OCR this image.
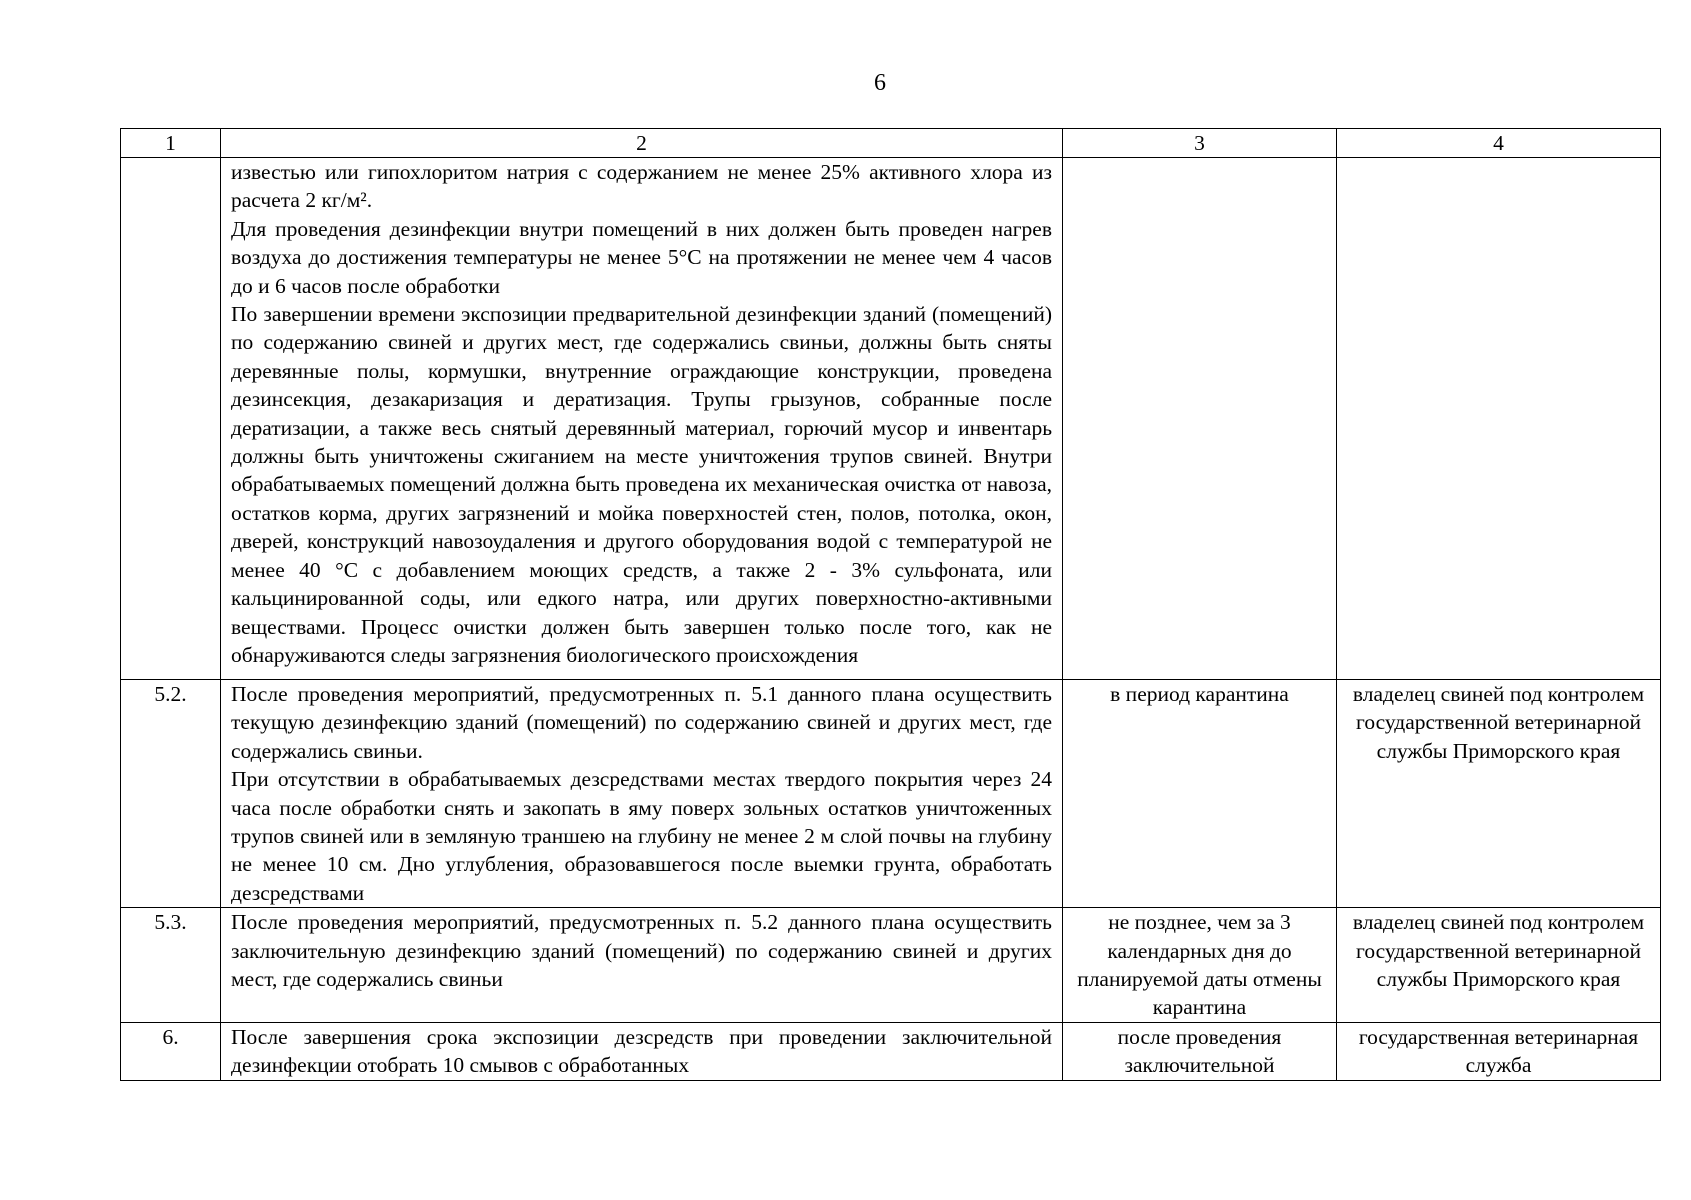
6
1	2	3	4

	известью или гипохлоритом натрия с содержанием не менее 25% активного хлора из расчета 2 кг/м².

Для проведения дезинфекции внутри помещений в них должен быть проведен нагрев воздуха до достижения температуры не менее 5°С на протяжении не менее чем 4 часов до и 6 часов после обработки

По завершении времени экспозиции предварительной дезинфекции зданий (помещений) по содержанию свиней и других мест, где содержались свиньи, должны быть сняты деревянные полы, кормушки, внутренние ограждающие конструкции, проведена дезинсекция, дезакаризация и дератизация. Трупы грызунов, собранные после дератизации, а также весь снятый деревянный материал, горючий мусор и инвентарь должны быть уничтожены сжиганием на месте уничтожения трупов свиней. Внутри обрабатываемых помещений должна быть проведена их механическая очистка от навоза, остатков корма, других загрязнений и мойка поверхностей стен, полов, потолка, окон, дверей, конструкций навозоудаления и другого оборудования водой с температурой не менее 40 °С с добавлением моющих средств, а также 2 - 3% сульфоната, или кальцинированной соды, или едкого натра, или других поверхностно-активными веществами. Процесс очистки должен быть завершен только после того, как не обнаруживаются следы загрязнения биологического происхождения		

5.2.	После проведения мероприятий, предусмотренных п. 5.1 данного плана осуществить текущую дезинфекцию зданий (помещений) по содержанию свиней и других мест, где содержались свиньи.

При отсутствии в обрабатываемых дезсредствами местах твердого покрытия через 24 часа после обработки снять и закопать в яму поверх зольных остатков уничтоженных трупов свиней или в земляную траншею на глубину не менее 2 м слой почвы на глубину не менее 10 см. Дно углубления, образовавшегося после выемки грунта, обработать дезсредствами	в период карантина	владелец свиней под контролем государственной ветеринарной службы Приморского края
5.3.	После проведения мероприятий, предусмотренных п. 5.2 данного плана осуществить заключительную дезинфекцию зданий (помещений) по содержанию свиней и других мест, где содержались свиньи	не позднее, чем за 3 календарных дня до планируемой даты отмены карантина	владелец свиней под контролем государственной ветеринарной службы Приморского края
6.	После завершения срока экспозиции дезсредств при проведении заключительной дезинфекции отобрать 10 смывов с обработанных	после проведения заключительной	государственная ветеринарная служба
